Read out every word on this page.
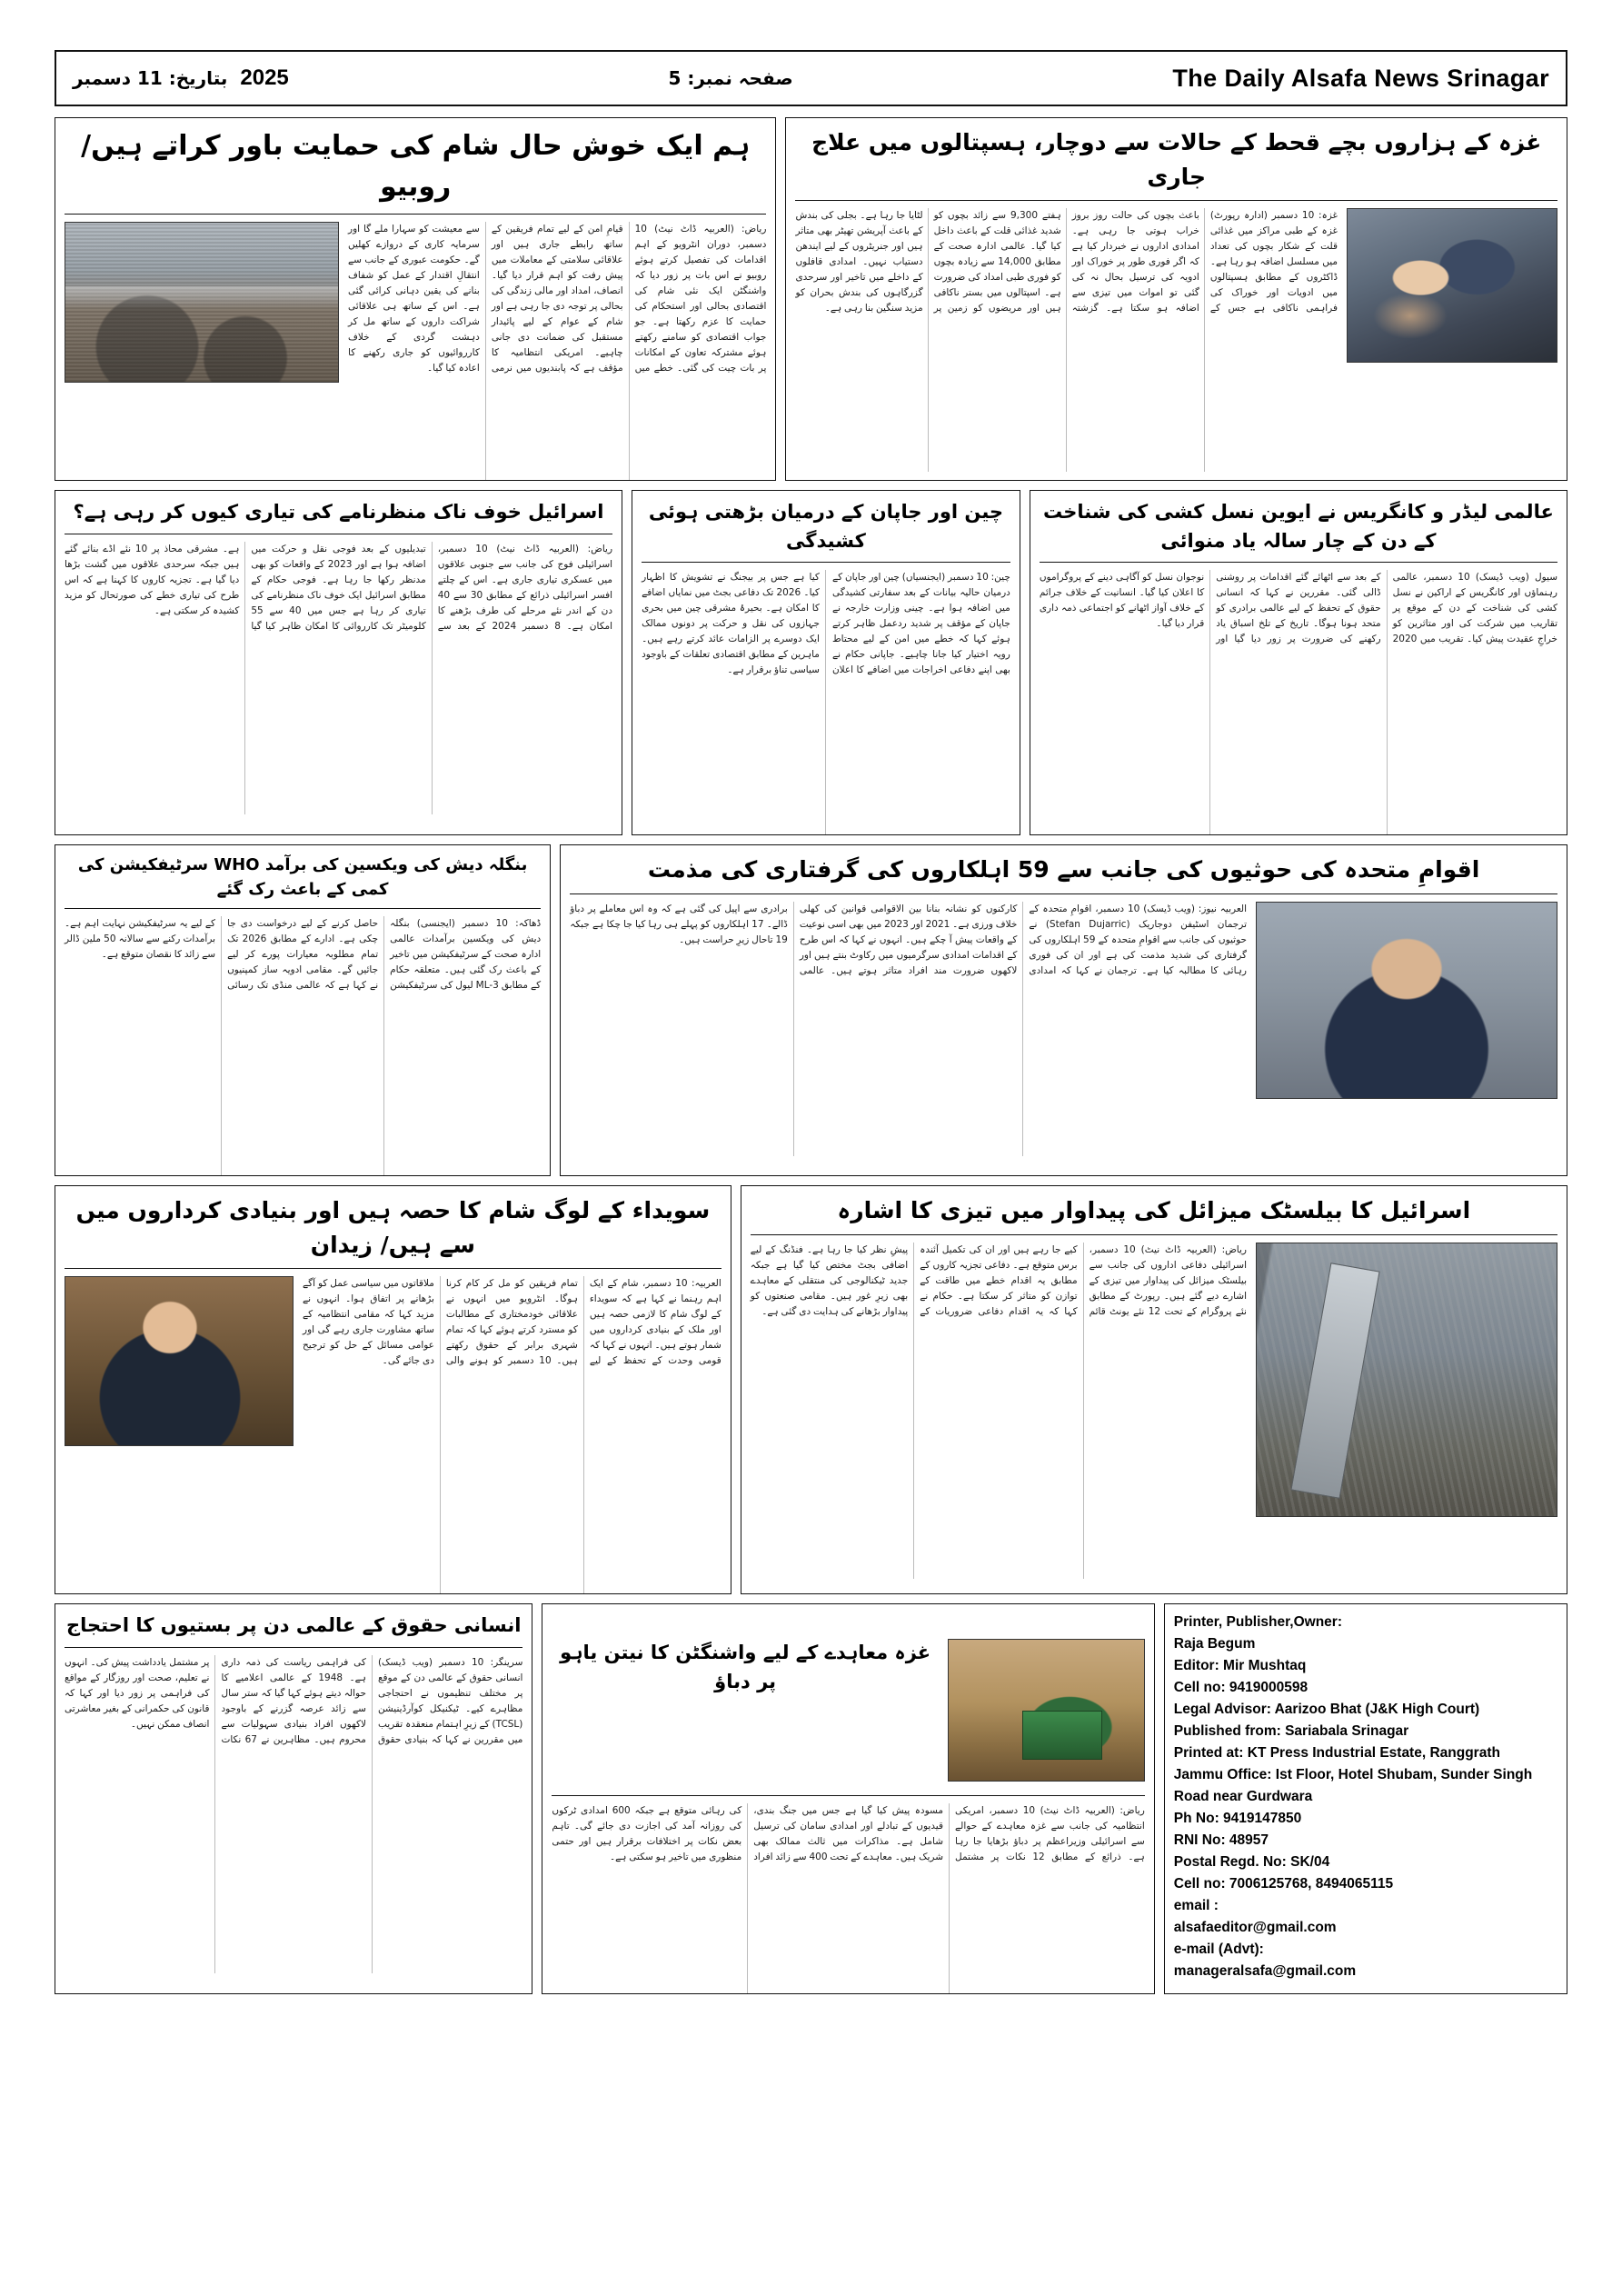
The Daily Alsafa News Srinagar
صفحہ نمبر: 5
2025
بتاریخ: 11 دسمبر
غزہ کے ہزاروں بچے قحط کے حالات سے دوچار، ہسپتالوں میں علاج جاری
غزہ: 10 دسمبر (ادارہ رپورٹ) غزہ کے طبی مراکز میں غذائی قلت کے شکار بچوں کی تعداد میں مسلسل اضافہ ہو رہا ہے۔ ڈاکٹروں کے مطابق ہسپتالوں میں ادویات اور خوراک کی فراہمی ناکافی ہے جس کے باعث بچوں کی حالت روز بروز خراب ہوتی جا رہی ہے۔ امدادی اداروں نے خبردار کیا ہے کہ اگر فوری طور پر خوراک اور ادویہ کی ترسیل بحال نہ کی گئی تو اموات میں تیزی سے اضافہ ہو سکتا ہے۔ گزشتہ ہفتے 9,300 سے زائد بچوں کو شدید غذائی قلت کے باعث داخل کیا گیا۔ عالمی ادارہ صحت کے مطابق 14,000 سے زیادہ بچوں کو فوری طبی امداد کی ضرورت ہے۔ اسپتالوں میں بستر ناکافی ہیں اور مریضوں کو زمین پر لٹایا جا رہا ہے۔ بجلی کی بندش کے باعث آپریشن تھیٹر بھی متاثر ہیں اور جنریٹروں کے لیے ایندھن دستیاب نہیں۔ امدادی قافلوں کے داخلے میں تاخیر اور سرحدی گزرگاہوں کی بندش بحران کو مزید سنگین بنا رہی ہے۔
ہم ایک خوش حال شام کی حمایت باور کراتے ہیں/ روبیو
ریاض: (العربیہ ڈاٹ نیٹ) 10 دسمبر، دوران انٹرویو کے اہم اقدامات کی تفصیل کرتے ہوئے روبیو نے اس بات پر زور دیا کہ واشنگٹن ایک نئی شام کی اقتصادی بحالی اور استحکام کی حمایت کا عزم رکھتا ہے۔ جو جواب اقتصادی کو سامنے رکھتے ہوئے مشترکہ تعاون کے امکانات پر بات چیت کی گئی۔ خطے میں قیامِ امن کے لیے تمام فریقین کے ساتھ رابطے جاری ہیں اور علاقائی سلامتی کے معاملات میں پیش رفت کو اہم قرار دیا گیا۔ انصاف، امداد اور مالی زندگی کی بحالی پر توجہ دی جا رہی ہے اور شام کے عوام کے لیے پائیدار مستقبل کی ضمانت دی جانی چاہیے۔ امریکی انتظامیہ کا مؤقف ہے کہ پابندیوں میں نرمی سے معیشت کو سہارا ملے گا اور سرمایہ کاری کے دروازے کھلیں گے۔ حکومت عبوری کے جانب سے انتقالِ اقتدار کے عمل کو شفاف بنانے کی یقین دہانی کرائی گئی ہے۔ اس کے ساتھ ہی علاقائی شراکت داروں کے ساتھ مل کر دہشت گردی کے خلاف کارروائیوں کو جاری رکھنے کا اعادہ کیا گیا۔
عالمی لیڈر و کانگریس نے ایوین نسل کشی کی شناخت کے دن کے چار سالہ یاد منوائی
سیول (ویب ڈیسک) 10 دسمبر، عالمی رہنماؤں اور کانگریس کے اراکین نے نسل کشی کی شناخت کے دن کے موقع پر تقاریب میں شرکت کی اور متاثرین کو خراجِ عقیدت پیش کیا۔ تقریب میں 2020 کے بعد سے اٹھائے گئے اقدامات پر روشنی ڈالی گئی۔ مقررین نے کہا کہ انسانی حقوق کے تحفظ کے لیے عالمی برادری کو متحد ہونا ہوگا۔ تاریخ کے تلخ اسباق یاد رکھنے کی ضرورت پر زور دیا گیا اور نوجوان نسل کو آگاہی دینے کے پروگراموں کا اعلان کیا گیا۔ انسانیت کے خلاف جرائم کے خلاف آواز اٹھانے کو اجتماعی ذمہ داری قرار دیا گیا۔
چین اور جاپان کے درمیان بڑھتی ہوئی کشیدگی
چین: 10 دسمبر (ایجنسیاں) چین اور جاپان کے درمیان حالیہ بیانات کے بعد سفارتی کشیدگی میں اضافہ ہوا ہے۔ چینی وزارت خارجہ نے جاپان کے مؤقف پر شدید ردعمل ظاہر کرتے ہوئے کہا کہ خطے میں امن کے لیے محتاط رویہ اختیار کیا جانا چاہیے۔ جاپانی حکام نے بھی اپنے دفاعی اخراجات میں اضافے کا اعلان کیا ہے جس پر بیجنگ نے تشویش کا اظہار کیا۔ 2026 تک دفاعی بجٹ میں نمایاں اضافے کا امکان ہے۔ بحیرۂ مشرقی چین میں بحری جہازوں کی نقل و حرکت پر دونوں ممالک ایک دوسرے پر الزامات عائد کرتے رہے ہیں۔ ماہرین کے مطابق اقتصادی تعلقات کے باوجود سیاسی تناؤ برقرار ہے۔
اسرائیل خوف ناک منظرنامے کی تیاری کیوں کر رہی ہے؟
ریاض: (العربیہ ڈاٹ نیٹ) 10 دسمبر، اسرائیلی فوج کی جانب سے جنوبی علاقوں میں عسکری تیاری جاری ہے۔ اس کے چلتے افسر اسرائیلی ذرائع کے مطابق 30 سے 40 دن کے اندر نئے مرحلے کی طرف بڑھنے کا امکان ہے۔ 8 دسمبر 2024 کے بعد سے تبدیلیوں کے بعد فوجی نقل و حرکت میں اضافہ ہوا ہے اور 2023 کے واقعات کو بھی مدنظر رکھا جا رہا ہے۔ فوجی حکام کے مطابق اسرائیل ایک خوف ناک منظرنامے کی تیاری کر رہا ہے جس میں 40 سے 55 کلومیٹر تک کارروائی کا امکان ظاہر کیا گیا ہے۔ مشرقی محاذ پر 10 نئے اڈے بنائے گئے ہیں جبکہ سرحدی علاقوں میں گشت بڑھا دیا گیا ہے۔ تجزیہ کاروں کا کہنا ہے کہ اس طرح کی تیاری خطے کی صورتحال کو مزید کشیدہ کر سکتی ہے۔
اقوامِ متحدہ کی حوثیوں کی جانب سے 59 اہلکاروں کی گرفتاری کی مذمت
العربیہ نیوز: (ویب ڈیسک) 10 دسمبر، اقوامِ متحدہ کے ترجمان اسٹیفن دوجاریک (Stefan Dujarric) نے حوثیوں کی جانب سے اقوامِ متحدہ کے 59 اہلکاروں کی گرفتاری کی شدید مذمت کی ہے اور ان کی فوری رہائی کا مطالبہ کیا ہے۔ ترجمان نے کہا کہ امدادی کارکنوں کو نشانہ بنانا بین الاقوامی قوانین کی کھلی خلاف ورزی ہے۔ 2021 اور 2023 میں بھی اسی نوعیت کے واقعات پیش آ چکے ہیں۔ انہوں نے کہا کہ اس طرح کے اقدامات امدادی سرگرمیوں میں رکاوٹ بنتے ہیں اور لاکھوں ضرورت مند افراد متاثر ہوتے ہیں۔ عالمی برادری سے اپیل کی گئی ہے کہ وہ اس معاملے پر دباؤ ڈالے۔ 17 اہلکاروں کو پہلے ہی رہا کیا جا چکا ہے جبکہ 19 تاحال زیرِ حراست ہیں۔
بنگلہ دیش کی ویکسین کی برآمد WHO سرٹیفکیشن کی کمی کے باعث رک گئے
ڈھاکہ: 10 دسمبر (ایجنسی) بنگلہ دیش کی ویکسین برآمدات عالمی ادارہ صحت کے سرٹیفکیشن میں تاخیر کے باعث رک گئی ہیں۔ متعلقہ حکام کے مطابق ML-3 لیول کی سرٹیفکیشن حاصل کرنے کے لیے درخواست دی جا چکی ہے۔ ادارے کے مطابق 2026 تک تمام مطلوبہ معیارات پورے کر لیے جائیں گے۔ مقامی ادویہ ساز کمپنیوں نے کہا ہے کہ عالمی منڈی تک رسائی کے لیے یہ سرٹیفکیشن نہایت اہم ہے۔ برآمدات رکنے سے سالانہ 50 ملین ڈالر سے زائد کا نقصان متوقع ہے۔
اسرائیل کا بیلسٹک میزائل کی پیداوار میں تیزی کا اشارہ
ریاض: (العربیہ ڈاٹ نیٹ) 10 دسمبر، اسرائیلی دفاعی اداروں کی جانب سے بیلسٹک میزائل کی پیداوار میں تیزی کے اشارے دیے گئے ہیں۔ رپورٹ کے مطابق نئے پروگرام کے تحت 12 نئے یونٹ قائم کیے جا رہے ہیں اور ان کی تکمیل آئندہ برس متوقع ہے۔ دفاعی تجزیہ کاروں کے مطابق یہ اقدام خطے میں طاقت کے توازن کو متاثر کر سکتا ہے۔ حکام نے کہا کہ یہ اقدام دفاعی ضروریات کے پیشِ نظر کیا جا رہا ہے۔ فنڈنگ کے لیے اضافی بجٹ مختص کیا گیا ہے جبکہ جدید ٹیکنالوجی کی منتقلی کے معاہدے بھی زیرِ غور ہیں۔ مقامی صنعتوں کو پیداوار بڑھانے کی ہدایت دی گئی ہے۔
سویداء کے لوگ شام کا حصہ ہیں اور بنیادی کرداروں میں سے ہیں/ زیدان
العربیہ: 10 دسمبر، شام کے ایک اہم رہنما نے کہا ہے کہ سویداء کے لوگ شام کا لازمی حصہ ہیں اور ملک کے بنیادی کرداروں میں شمار ہوتے ہیں۔ انہوں نے کہا کہ قومی وحدت کے تحفظ کے لیے تمام فریقین کو مل کر کام کرنا ہوگا۔ انٹرویو میں انہوں نے علاقائی خودمختاری کے مطالبات کو مسترد کرتے ہوئے کہا کہ تمام شہری برابر کے حقوق رکھتے ہیں۔ 10 دسمبر کو ہونے والی ملاقاتوں میں سیاسی عمل کو آگے بڑھانے پر اتفاق ہوا۔ انہوں نے مزید کہا کہ مقامی انتظامیہ کے ساتھ مشاورت جاری رہے گی اور عوامی مسائل کے حل کو ترجیح دی جائے گی۔
Printer, Publisher,Owner:
Raja Begum
Editor: Mir Mushtaq
Cell no: 9419000598
Legal Advisor: Aarizoo Bhat (J&K High Court)
Published from: Sariabala Srinagar
Printed at: KT Press Industrial Estate, Ranggrath
Jammu Office: Ist Floor, Hotel Shubam, Sunder Singh Road near Gurdwara
Ph No: 9419147850
RNI No: 48957
Postal Regd. No: SK/04
Cell no: 7006125768, 8494065115
email :
alsafaeditor@gmail.com
e-mail (Advt):
manageralsafa@gmail.com
غزہ معاہدے کے لیے واشنگٹن کا نیتن یاہو پر دباؤ
ریاض: (العربیہ ڈاٹ نیٹ) 10 دسمبر، امریکی انتظامیہ کی جانب سے غزہ معاہدے کے حوالے سے اسرائیلی وزیراعظم پر دباؤ بڑھایا جا رہا ہے۔ ذرائع کے مطابق 12 نکات پر مشتمل مسودہ پیش کیا گیا ہے جس میں جنگ بندی، قیدیوں کے تبادلے اور امدادی سامان کی ترسیل شامل ہے۔ مذاکرات میں ثالث ممالک بھی شریک ہیں۔ معاہدے کے تحت 400 سے زائد افراد کی رہائی متوقع ہے جبکہ 600 امدادی ٹرکوں کی روزانہ آمد کی اجازت دی جائے گی۔ تاہم بعض نکات پر اختلافات برقرار ہیں اور حتمی منظوری میں تاخیر ہو سکتی ہے۔
انسانی حقوق کے عالمی دن پر بستیوں کا احتجاج
سرینگر: 10 دسمبر (ویب ڈیسک) انسانی حقوق کے عالمی دن کے موقع پر مختلف تنظیموں نے احتجاجی مظاہرے کیے۔ ٹیکنیکل کوآرڈینیشن (TCSL) کے زیرِ اہتمام منعقدہ تقریب میں مقررین نے کہا کہ بنیادی حقوق کی فراہمی ریاست کی ذمہ داری ہے۔ 1948 کے عالمی اعلامیے کا حوالہ دیتے ہوئے کہا گیا کہ ستر سال سے زائد عرصہ گزرنے کے باوجود لاکھوں افراد بنیادی سہولیات سے محروم ہیں۔ مظاہرین نے 67 نکات پر مشتمل یادداشت پیش کی۔ انہوں نے تعلیم، صحت اور روزگار کے مواقع کی فراہمی پر زور دیا اور کہا کہ قانون کی حکمرانی کے بغیر معاشرتی انصاف ممکن نہیں۔
